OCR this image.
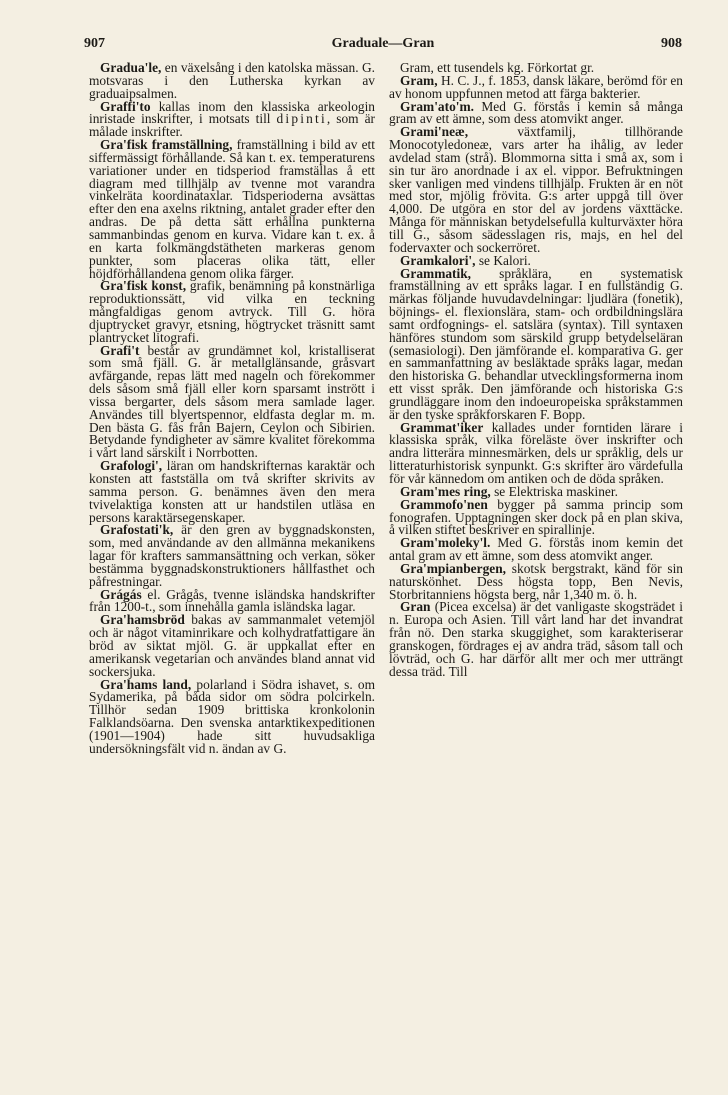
907	Graduale—Gran	908

Gradua'le, en växelsång i den katolska mässan. G. motsvaras i den Lutherska kyrkan av graduaipsalmen.

Graffi'to kallas inom den klassiska arkeologin inristade inskrifter, i motsats till dipinti, som är målade inskrifter.

Gra'fisk framställning, framställning i bild av ett siffermässigt förhållande. Så kan t. ex. temperaturens variationer under en tidsperiod framställas å ett diagram med tillhjälp av tvenne mot varandra vinkelräta koordinataxlar. Tidsperioderna avsättas efter den ena axelns riktning, antalet grader efter den andras. De på detta sätt erhållna punkterna sammanbindas genom en kurva. Vidare kan t. ex. å en karta folkmängdstätheten markeras genom punkter, som placeras olika tätt, eller höjdförhållandena genom olika färger.

Gra'fisk konst, grafik, benämning på konstnärliga reproduktionssätt, vid vilka en teckning mångfaldigas genom avtryck. Till G. höra djuptrycket gravyr, etsning, högtrycket träsnitt samt plantrycket litografi.

Grafi't består av grundämnet kol, kristalliserat som små fjäll. G. är metallglänsande, gråsvart avfärgande, repas lätt med nageln och förekommer dels såsom små fjäll eller korn sparsamt instrött i vissa bergarter, dels såsom mera samlade lager. Användes till blyertspennor, eldfasta deglar m. m. Den bästa G. fås från Bajern, Ceylon och Sibirien. Betydande fyndigheter av sämre kvalitet förekomma i vårt land särskilt i Norrbotten.

Grafologi', läran om handskrifternas karaktär och konsten att fastställa om två skrifter skrivits av samma person. G. benämnes även den mera tvivelaktiga konsten att ur handstilen utläsa en persons karaktärsegenskaper.

Grafostati'k, är den gren av byggnadskonsten, som, med användande av den allmänna mekanikens lagar för krafters sammansättning och verkan, söker bestämma byggnadskonstruktioners hållfasthet och påfrestningar.

Grágás el. Grågås, tvenne isländska handskrifter från 1200-t., som innehålla gamla isländska lagar.

Gra'hamsbröd bakas av sammanmalet vetemjöl och är något vitaminrikare och kolhydratfattigare än bröd av siktat mjöl. G. är uppkallat efter en amerikansk vegetarian och användes bland annat vid sockersjuka.

Gra'hams land, polarland i Södra ishavet, s. om Sydamerika, på båda sidor om södra polcirkeln. Tillhör sedan 1909 brittiska kronkolonin Falklandsöarna. Den svenska antarktikexpeditionen (1901—1904) hade sitt huvudsakliga undersökningsfält vid n. ändan av G.

Gram, ett tusendels kg. Förkortat gr.

Gram, H. C. J., f. 1853, dansk läkare, berömd för en av honom uppfunnen metod att färga bakterier.

Gram'ato'm. Med G. förstås i kemin så många gram av ett ämne, som dess atomvikt anger.

Grami'neæ, växtfamilj, tillhörande Monocotyledoneæ, vars arter ha ihålig, av leder avdelad stam (strå). Blommorna sitta i små ax, som i sin tur äro anordnade i ax el. vippor. Befruktningen sker vanligen med vindens tillhjälp. Frukten är en nöt med stor, mjölig frövita. G:s arter uppgå till över 4,000. De utgöra en stor del av jordens växttäcke. Många för människan betydelsefulla kulturväxter höra till G., såsom sädesslagen ris, majs, en hel del fodervaxter och sockerröret.

Gramkalori', se Kalori.

Grammatik, språklära, en systematisk framställning av ett språks lagar. I en fullständig G. märkas följande huvudavdelningar: ljudlära (fonetik), böjnings- el. flexionslära, stam- och ordbildningslära samt ordfognings- el. satslära (syntax). Till syntaxen hänföres stundom som särskild grupp betydelseläran (semasiologi). Den jämförande el. komparativa G. ger en sammanfattning av besläktade språks lagar, medan den historiska G. behandlar utvecklingsformerna inom ett visst språk. Den jämförande och historiska G:s grundläggare inom den indoeuropeiska språkstammen är den tyske språkforskaren F. Bopp.

Grammat'iker kallades under forntiden lärare i klassiska språk, vilka föreläste över inskrifter och andra litterära minnesmärken, dels ur språklig, dels ur litteraturhistorisk synpunkt. G:s skrifter äro värdefulla för vår kännedom om antiken och de döda språken.

Gram'mes ring, se Elektriska maskiner.

Grammofo'nen bygger på samma princip som fonografen. Upptagningen sker dock på en plan skiva, å vilken stiftet beskriver en spirallinje.

Gram'moleky'l. Med G. förstås inom kemin det antal gram av ett ämne, som dess atomvikt anger.

Gra'mpianbergen, skotsk bergstrakt, känd för sin naturskönhet. Dess högsta topp, Ben Nevis, Storbritanniens högsta berg, når 1,340 m. ö. h.

Gran (Picea excelsa) är det vanligaste skogsträdet i n. Europa och Asien. Till vårt land har det invandrat från nö. Den starka skuggighet, som karakteriserar granskogen, fördrages ej av andra träd, såsom tall och lövträd, och G. har därför allt mer och mer utträngt dessa träd. Till
